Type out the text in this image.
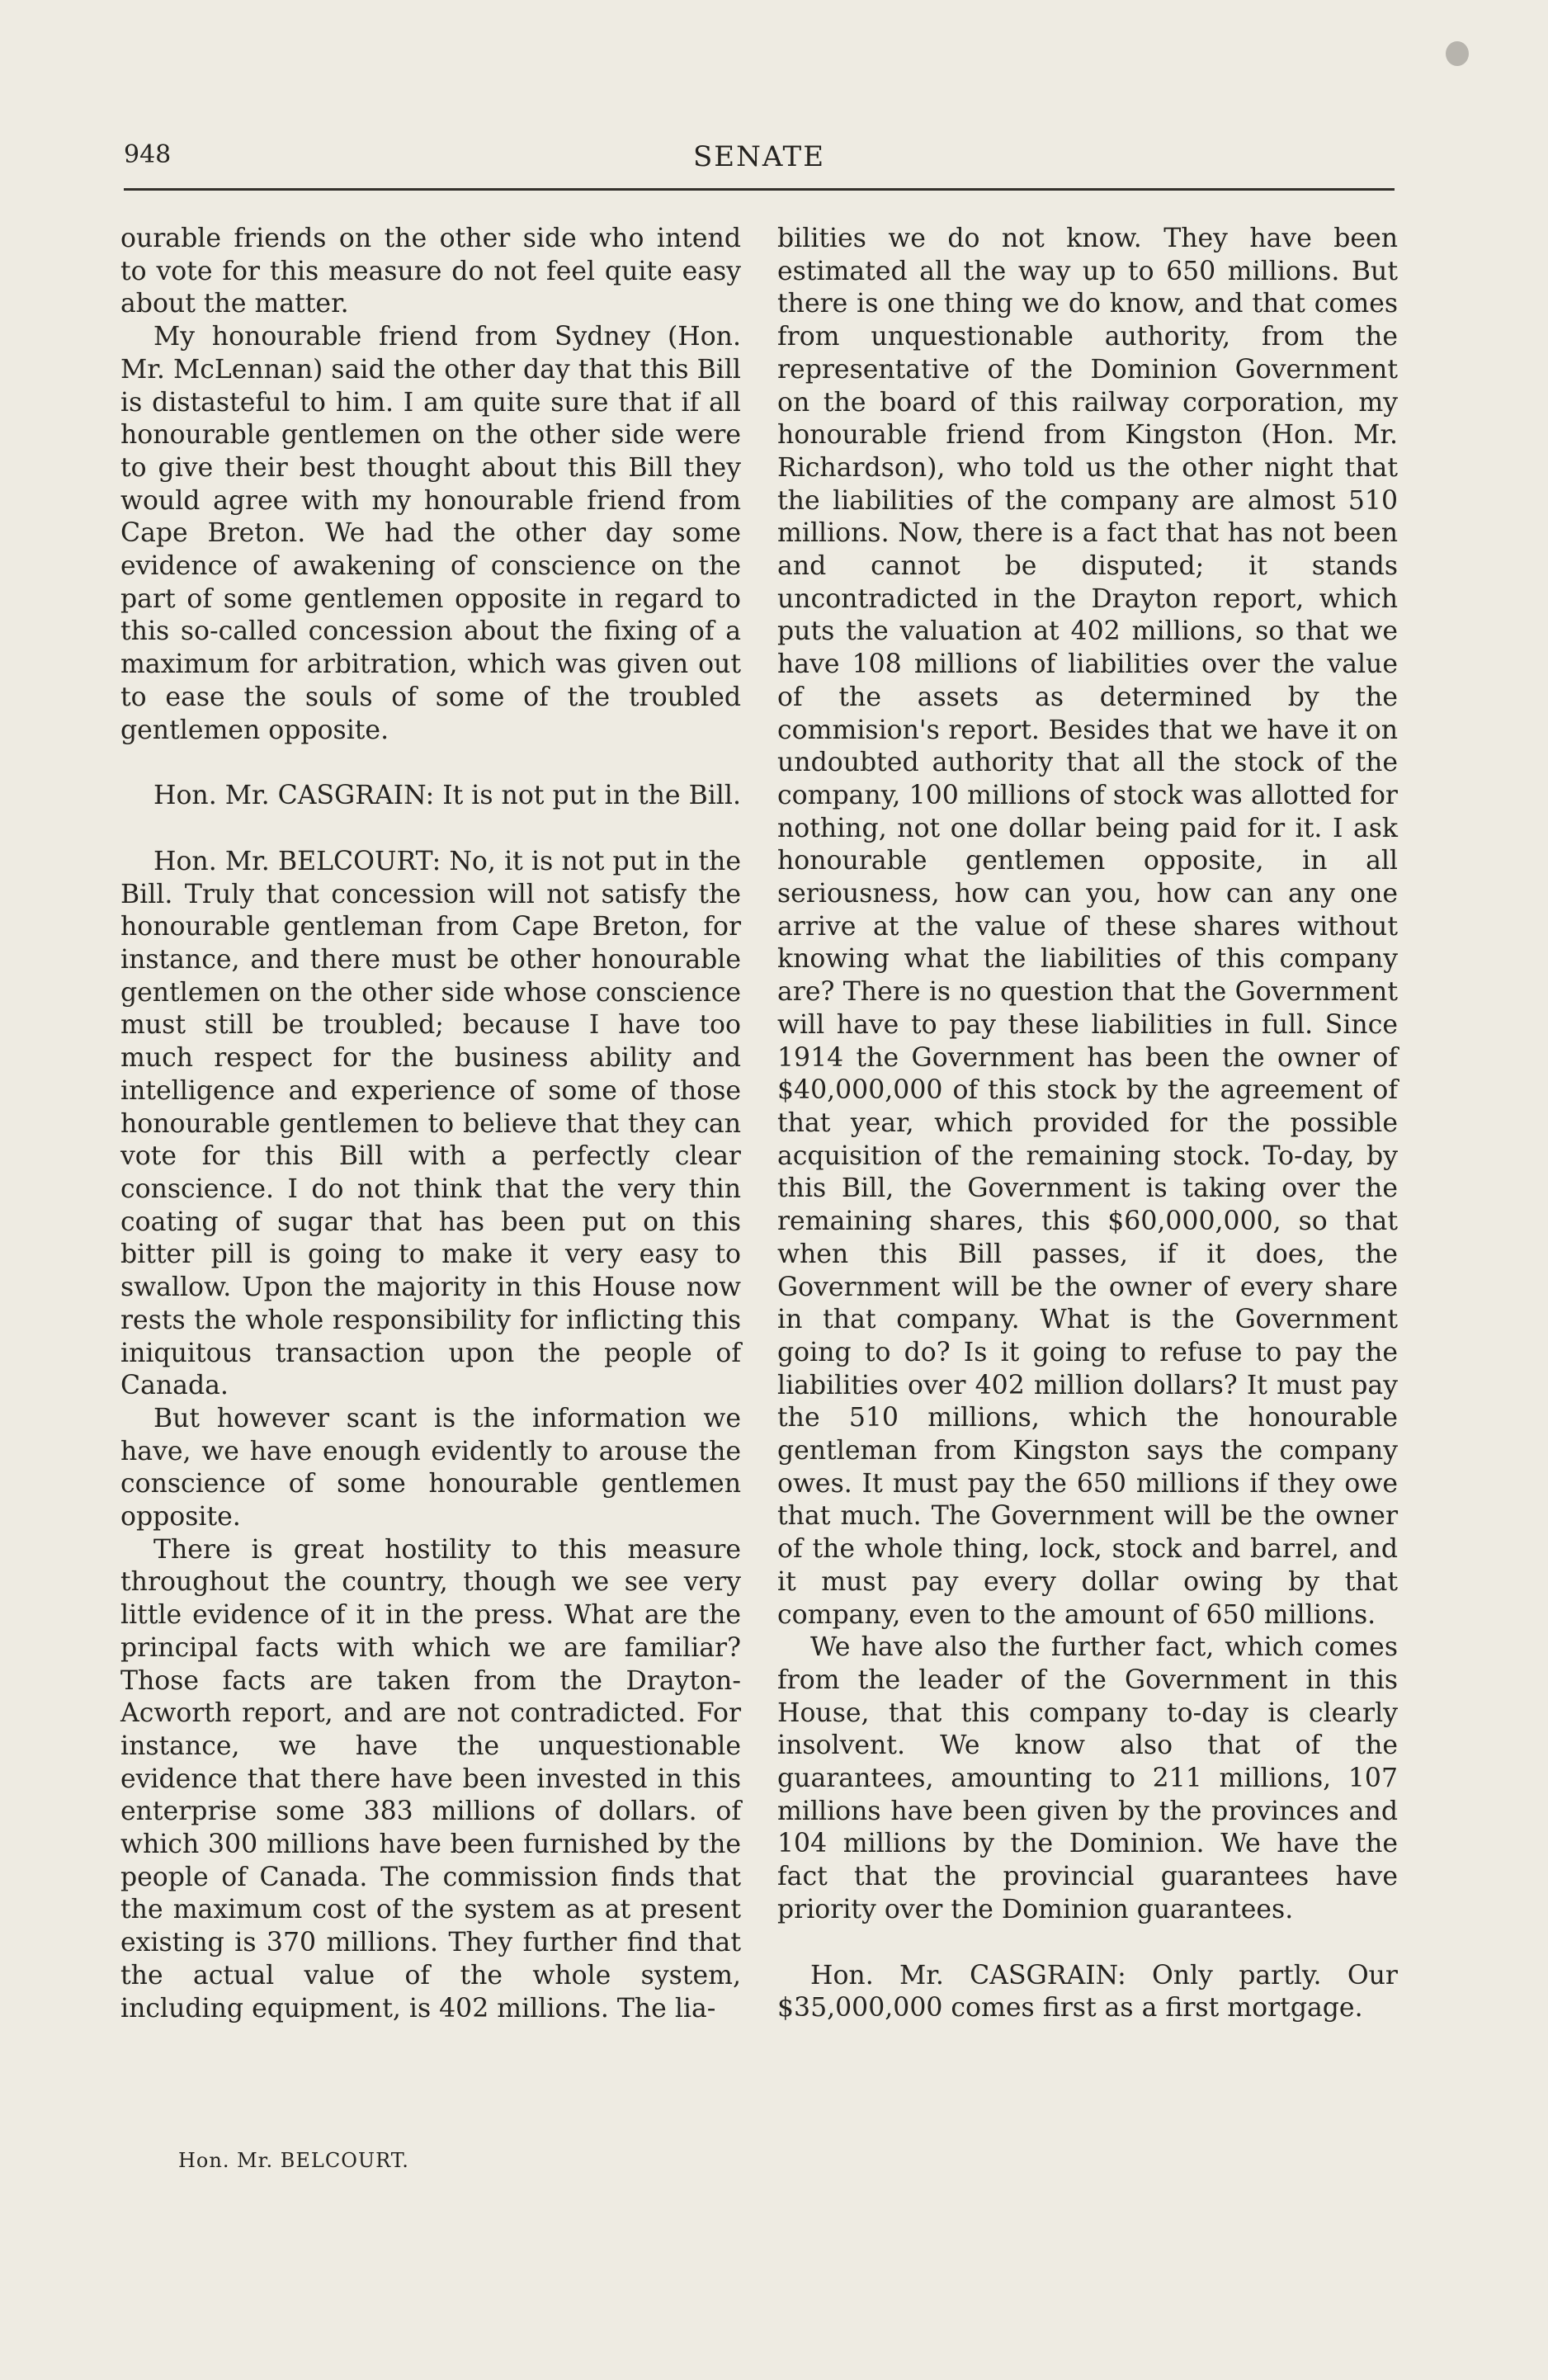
948	SENATE

ourable friends on the other side who intend to vote for this measure do not feel quite easy about the matter.

My honourable friend from Sydney (Hon. Mr. McLennan) said the other day that this Bill is distasteful to him. I am quite sure that if all honourable gentlemen on the other side were to give their best thought about this Bill they would agree with my honourable friend from Cape Breton. We had the other day some evidence of awakening of conscience on the part of some gentlemen opposite in regard to this so-called concession about the fixing of a maximum for arbitration, which was given out to ease the souls of some of the troubled gentlemen opposite.

Hon. Mr. CASGRAIN: It is not put in the Bill.

Hon. Mr. BELCOURT: No, it is not put in the Bill. Truly that concession will not satisfy the honourable gentleman from Cape Breton, for instance, and there must be other honourable gentlemen on the other side whose conscience must still be troubled; because I have too much respect for the business ability and intelligence and experience of some of those honourable gentlemen to believe that they can vote for this Bill with a perfectly clear conscience. I do not think that the very thin coating of sugar that has been put on this bitter pill is going to make it very easy to swallow. Upon the majority in this House now rests the whole responsibility for inflicting this iniquitous transaction upon the people of Canada.

But however scant is the information we have, we have enough evidently to arouse the conscience of some honourable gentlemen opposite.

There is great hostility to this measure throughout the country, though we see very little evidence of it in the press. What are the principal facts with which we are familiar? Those facts are taken from the Drayton-Acworth report, and are not contradicted. For instance, we have the unquestionable evidence that there have been invested in this enterprise some 383 millions of dollars. of which 300 millions have been furnished by the people of Canada. The commission finds that the maximum cost of the system as at present existing is 370 millions. They further find that the actual value of the whole system, including equipment, is 402 millions. The lia-

bilities we do not know. They have been estimated all the way up to 650 millions. But there is one thing we do know, and that comes from unquestionable authority, from the representative of the Dominion Government on the board of this railway corporation, my honourable friend from Kingston (Hon. Mr. Richardson), who told us the other night that the liabilities of the company are almost 510 millions. Now, there is a fact that has not been and cannot be disputed; it stands uncontradicted in the Drayton report, which puts the valuation at 402 millions, so that we have 108 millions of liabilities over the value of the assets as determined by the commision's report. Besides that we have it on undoubted authority that all the stock of the company, 100 millions of stock was allotted for nothing, not one dollar being paid for it. I ask honourable gentlemen opposite, in all seriousness, how can you, how can any one arrive at the value of these shares without knowing what the liabilities of this company are? There is no question that the Government will have to pay these liabilities in full. Since 1914 the Government has been the owner of $40,000,000 of this stock by the agreement of that year, which provided for the possible acquisition of the remaining stock. To-day, by this Bill, the Government is taking over the remaining shares, this $60,000,000, so that when this Bill passes, if it does, the Government will be the owner of every share in that company. What is the Government going to do? Is it going to refuse to pay the liabilities over 402 million dollars? It must pay the 510 millions, which the honourable gentleman from Kingston says the company owes. It must pay the 650 millions if they owe that much. The Government will be the owner of the whole thing, lock, stock and barrel, and it must pay every dollar owing by that company, even to the amount of 650 millions.

We have also the further fact, which comes from the leader of the Government in this House, that this company to-day is clearly insolvent. We know also that of the guarantees, amounting to 211 millions, 107 millions have been given by the provinces and 104 millions by the Dominion. We have the fact that the provincial guarantees have priority over the Dominion guarantees.

Hon. Mr. CASGRAIN: Only partly. Our $35,000,000 comes first as a first mortgage.

Hon. Mr. BELCOURT.
